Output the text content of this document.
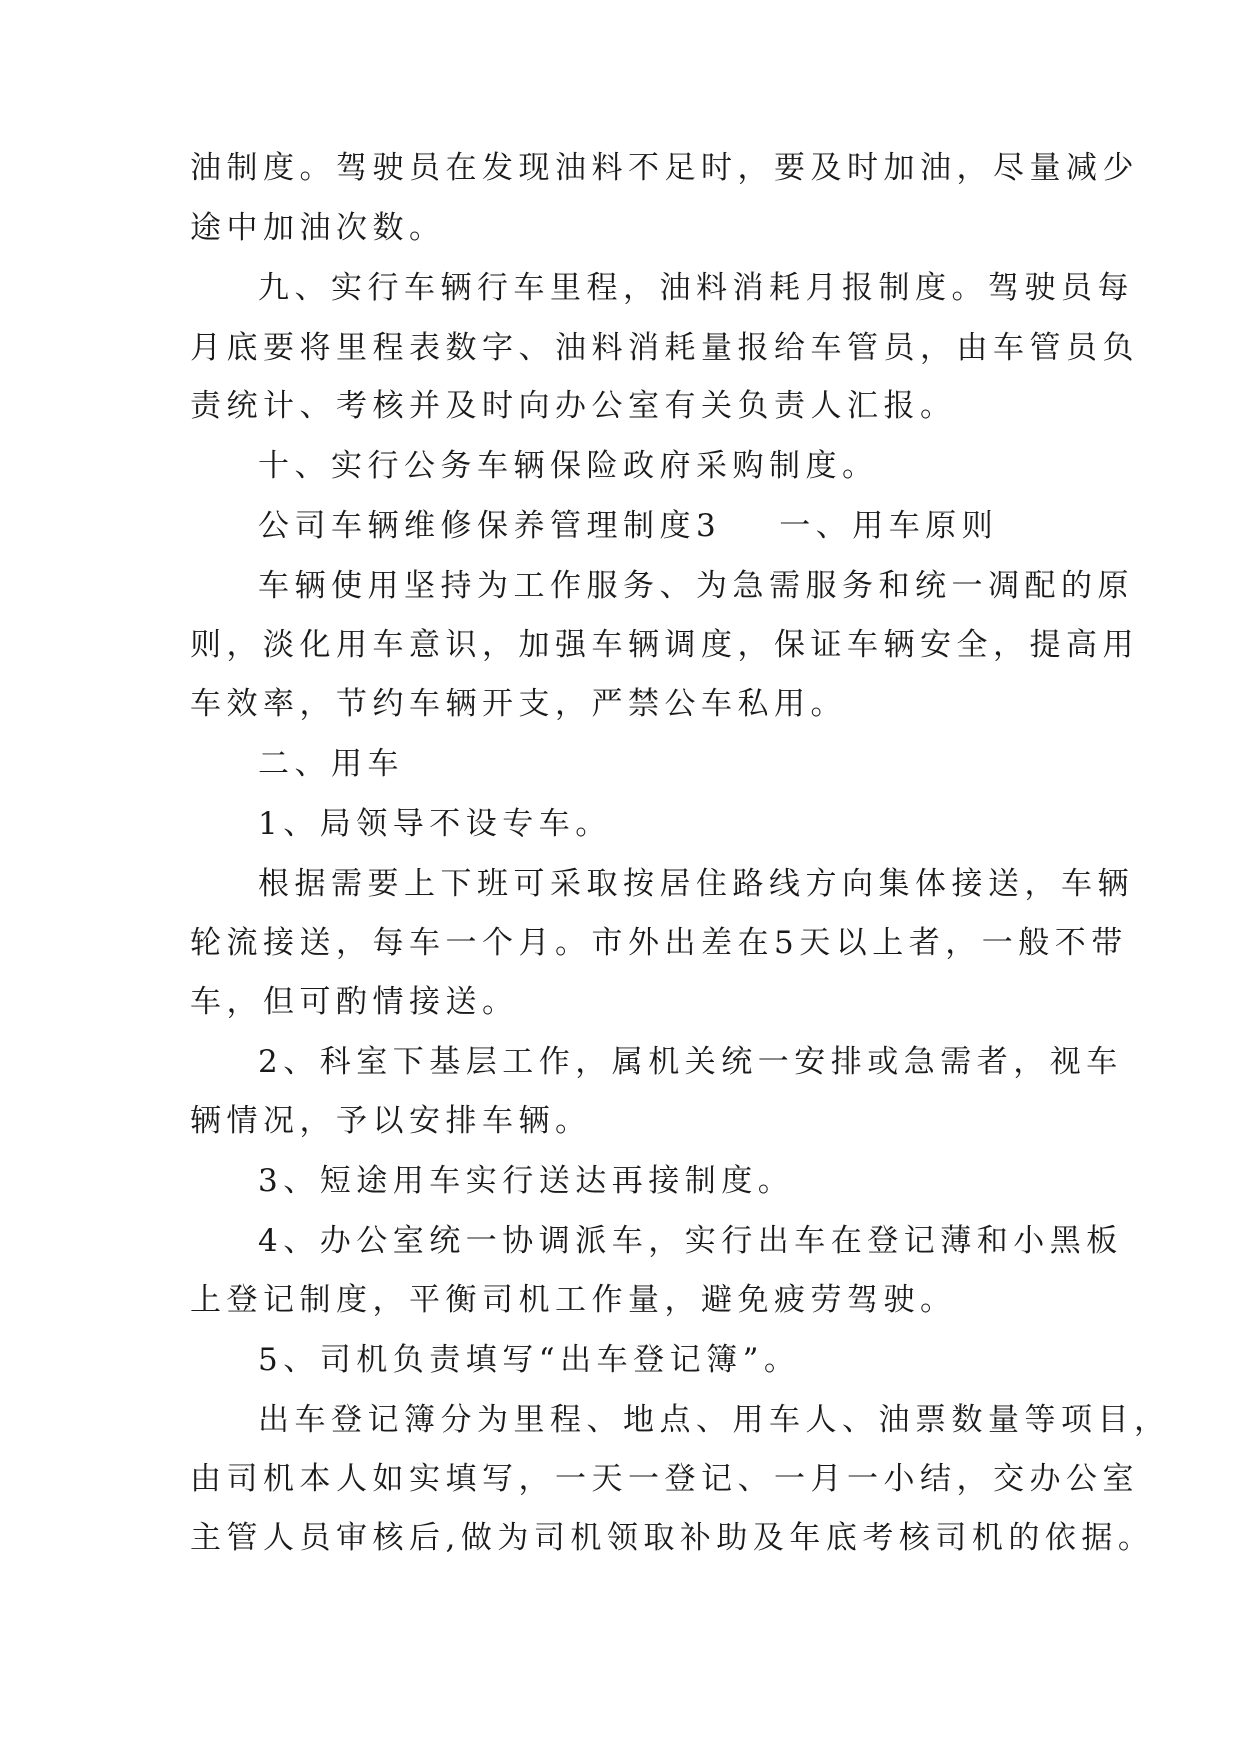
油制度。驾驶员在发现油料不足时，要及时加油，尽量减少
途中加油次数。
九、实行车辆行车里程，油料消耗月报制度。驾驶员每
月底要将里程表数字、油料消耗量报给车管员，由车管员负
责统计、考核并及时向办公室有关负责人汇报。
十、实行公务车辆保险政府采购制度。
公司车辆维修保养管理制度3 一、用车原则
车辆使用坚持为工作服务、为急需服务和统一凋配的原
则，淡化用车意识，加强车辆调度，保证车辆安全，提高用
车效率，节约车辆开支，严禁公车私用。
二、用车
1、局领导不设专车。
根据需要上下班可采取按居住路线方向集体接送，车辆
轮流接送，每车一个月。市外出差在5天以上者，一般不带
车，但可酌情接送。
2、科室下基层工作，属机关统一安排或急需者，视车
辆情况，予以安排车辆。
3、短途用车实行送达再接制度。
4、办公室统一协调派车，实行出车在登记薄和小黑板
上登记制度，平衡司机工作量，避免疲劳驾驶。
5、司机负责填写“出车登记簿”。
出车登记簿分为里程、地点、用车人、油票数量等项目，
由司机本人如实填写，一天一登记、一月一小结，交办公室
主管人员审核后,做为司机领取补助及年底考核司机的依据。
